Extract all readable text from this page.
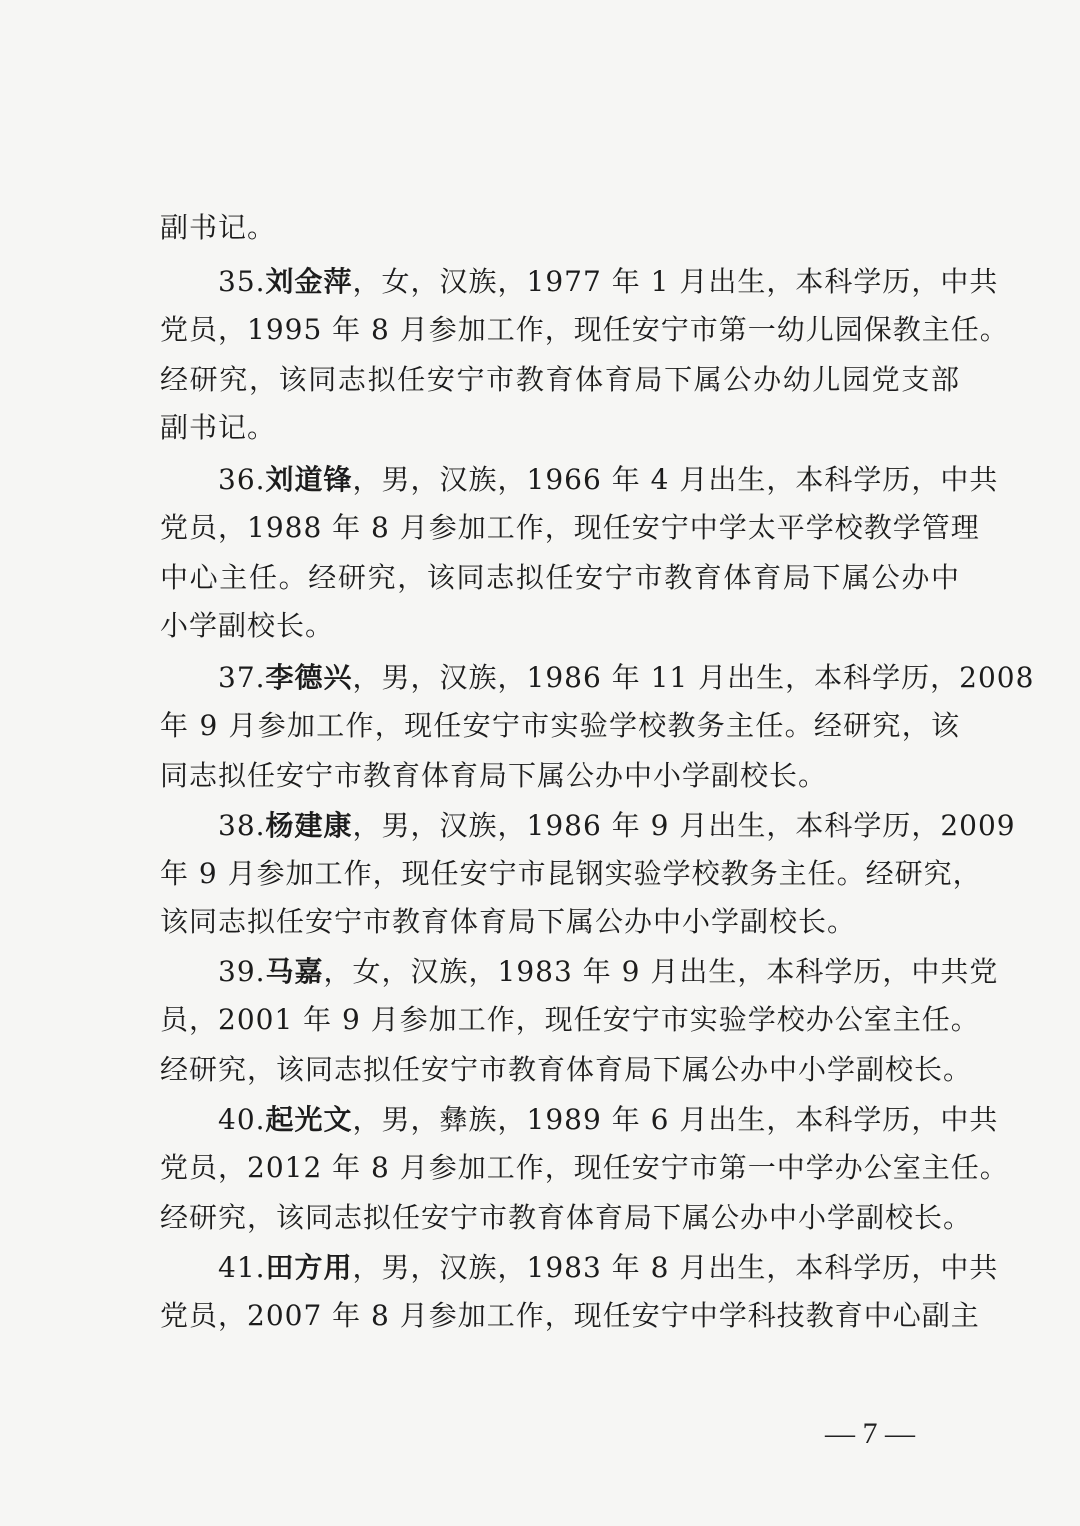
副书记。
35.刘金萍，女，汉族，1977 年 1 月出生，本科学历，中共
党员，1995 年 8 月参加工作，现任安宁市第一幼儿园保教主任。
经研究，该同志拟任安宁市教育体育局下属公办幼儿园党支部
副书记。
36.刘道锋，男，汉族，1966 年 4 月出生，本科学历，中共
党员，1988 年 8 月参加工作，现任安宁中学太平学校教学管理
中心主任。经研究，该同志拟任安宁市教育体育局下属公办中
小学副校长。
37.李德兴，男，汉族，1986 年 11 月出生，本科学历，2008
年 9 月参加工作，现任安宁市实验学校教务主任。经研究，该
同志拟任安宁市教育体育局下属公办中小学副校长。
38.杨建康，男，汉族，1986 年 9 月出生，本科学历，2009
年 9 月参加工作，现任安宁市昆钢实验学校教务主任。经研究，
该同志拟任安宁市教育体育局下属公办中小学副校长。
39.马嘉，女，汉族，1983 年 9 月出生，本科学历，中共党
员，2001 年 9 月参加工作，现任安宁市实验学校办公室主任。
经研究，该同志拟任安宁市教育体育局下属公办中小学副校长。
40.起光文，男，彝族，1989 年 6 月出生，本科学历，中共
党员，2012 年 8 月参加工作，现任安宁市第一中学办公室主任。
经研究，该同志拟任安宁市教育体育局下属公办中小学副校长。
41.田方用，男，汉族，1983 年 8 月出生，本科学历，中共
党员，2007 年 8 月参加工作，现任安宁中学科技教育中心副主
— 7 —
